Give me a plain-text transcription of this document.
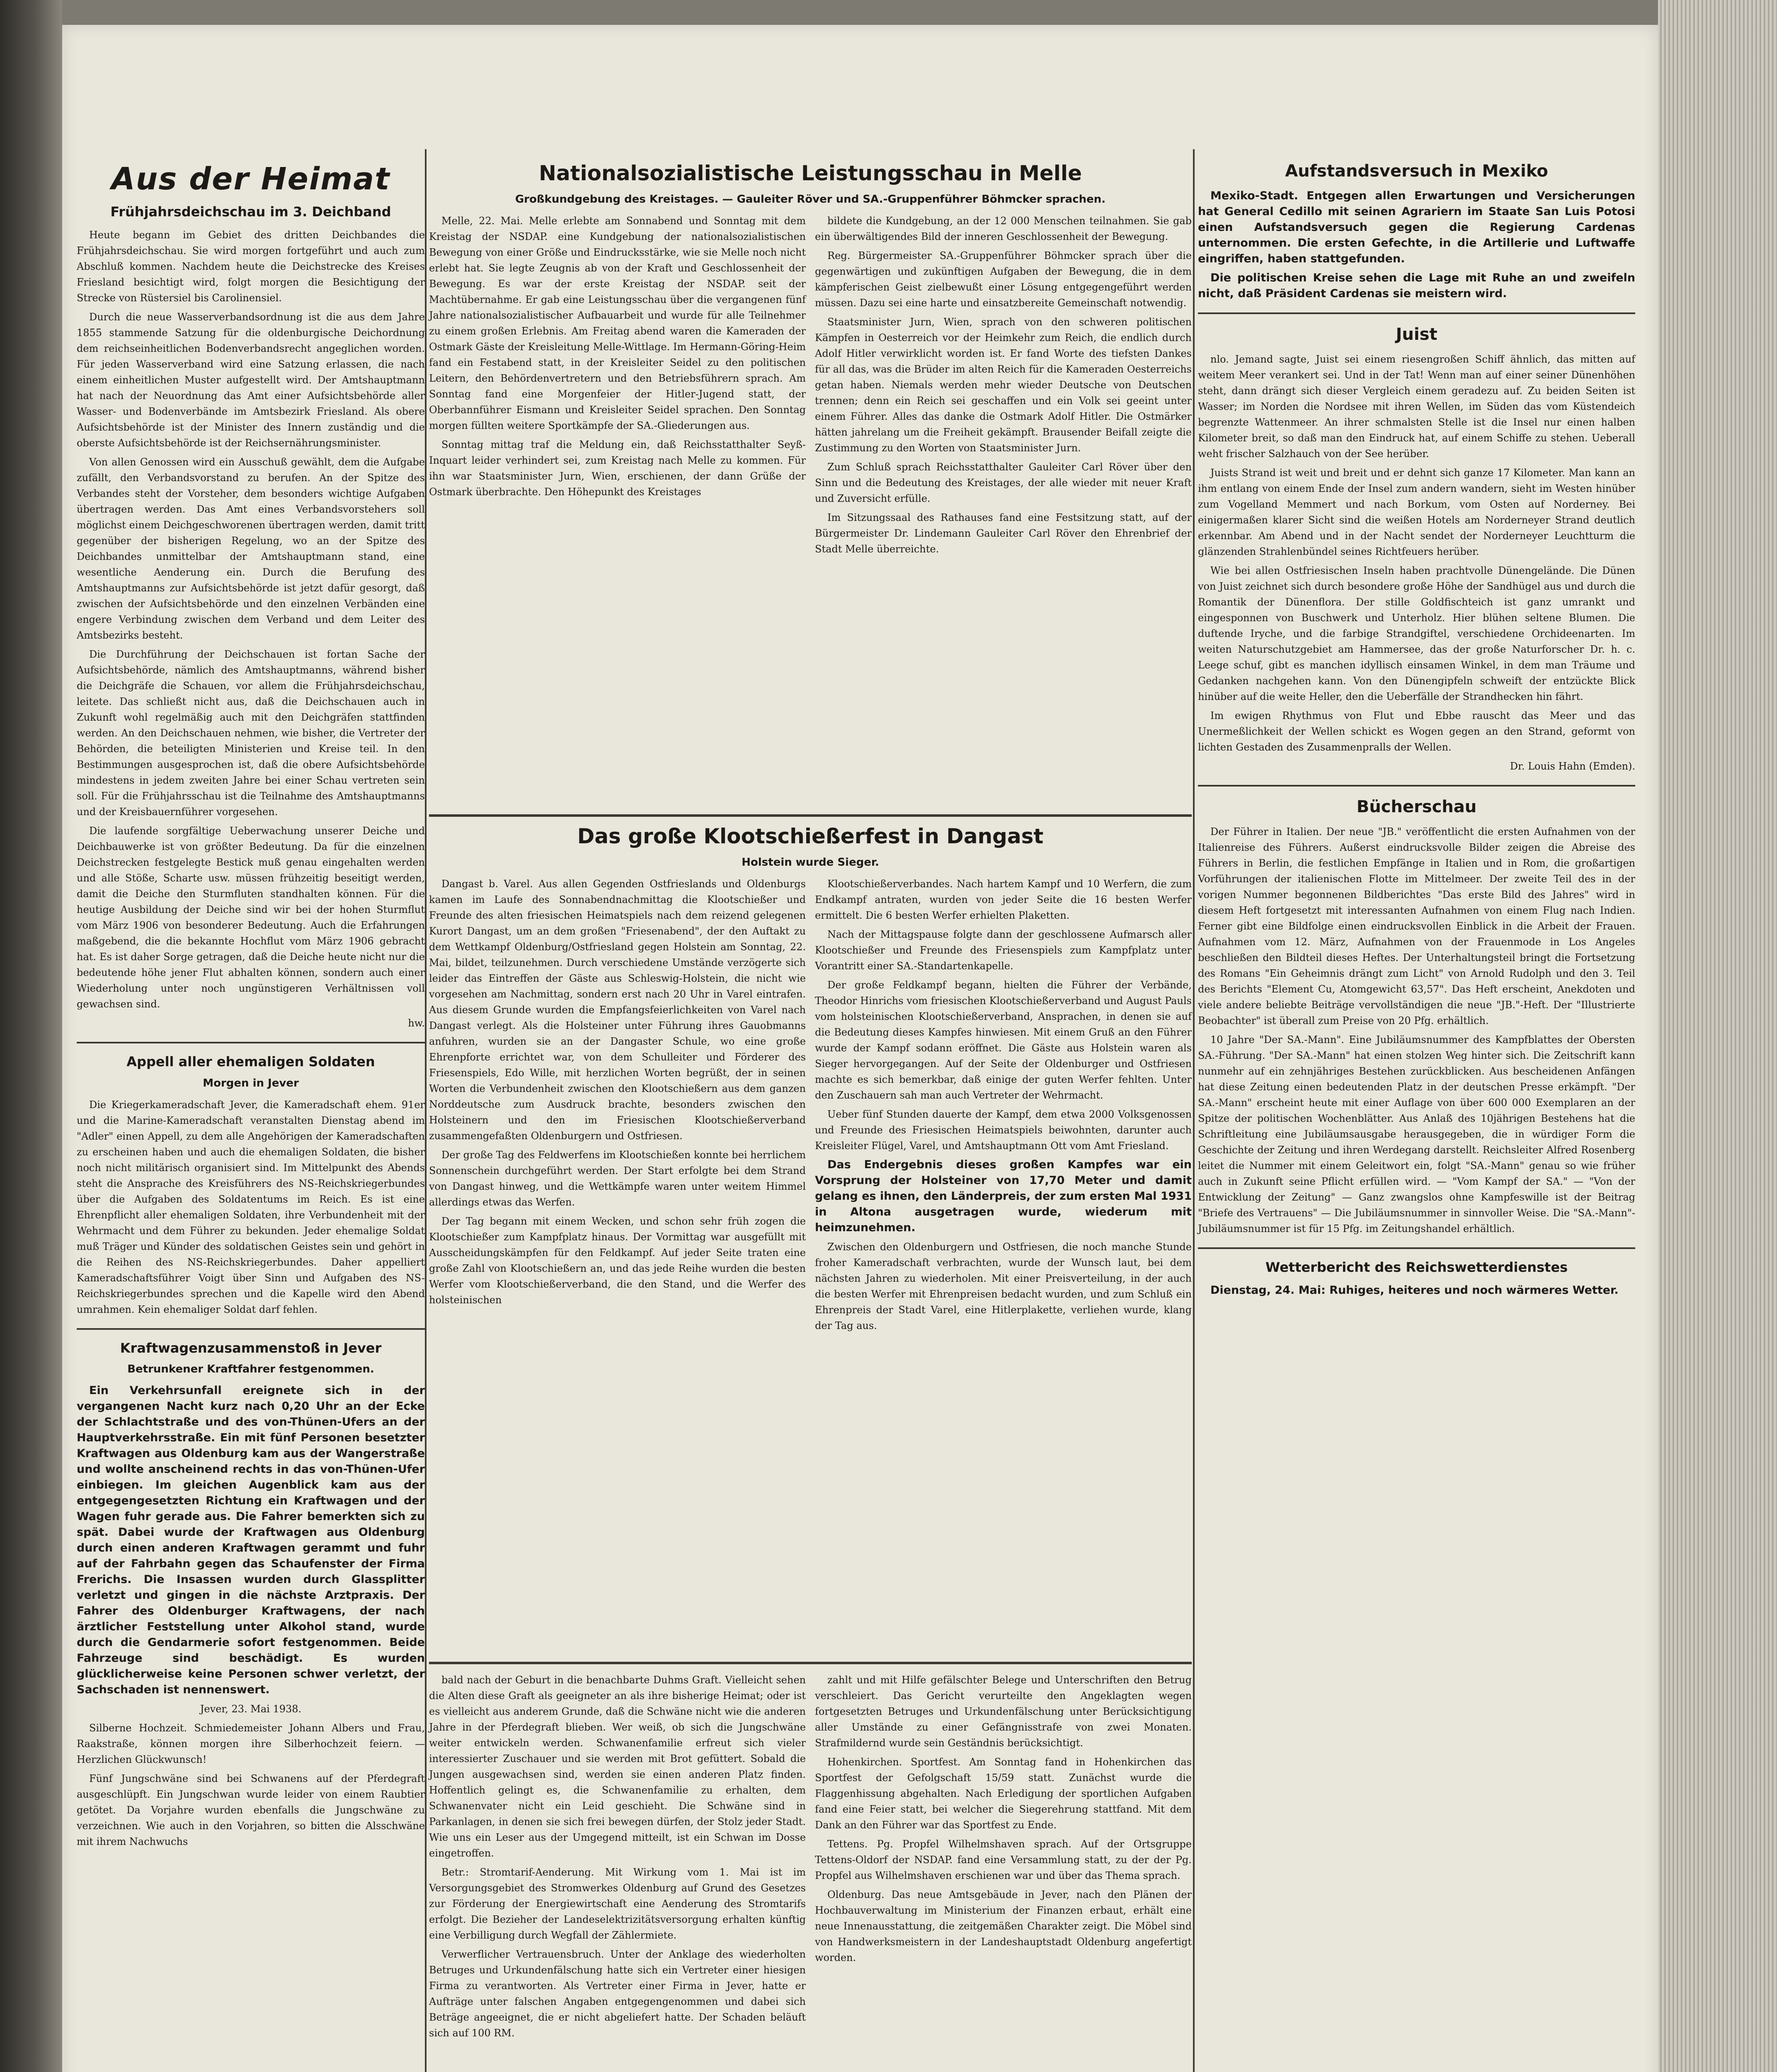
Aus der Heimat
Frühjahrsdeichschau im 3. Deichband

Heute begann im Gebiet des dritten Deichbandes die Frühjahrsdeichschau. Sie wird morgen fortgeführt und auch zum Abschluß kommen. Nachdem heute die Deichstrecke des Kreises Friesland besichtigt wird, folgt morgen die Besichtigung der Strecke von Rüstersiel bis Carolinensiel.

Durch die neue Wasserverbandsordnung ist die aus dem Jahre 1855 stammende Satzung für die oldenburgische Deichordnung dem reichseinheitlichen Bodenverbandsrecht angeglichen worden. Für jeden Wasserverband wird eine Satzung erlassen, die nach einem einheitlichen Muster aufgestellt wird. Der Amtshauptmann hat nach der Neuordnung das Amt einer Aufsichtsbehörde aller Wasser- und Bodenverbände im Amtsbezirk Friesland. Als obere Aufsichtsbehörde ist der Minister des Innern zuständig und die oberste Aufsichtsbehörde ist der Reichsernährungsminister.

Von allen Genossen wird ein Ausschuß gewählt, dem die Aufgabe zufällt, den Verbandsvorstand zu berufen. An der Spitze des Verbandes steht der Vorsteher, dem besonders wichtige Aufgaben übertragen werden. Das Amt eines Verbandsvorstehers soll möglichst einem Deichgeschworenen übertragen werden, damit tritt gegenüber der bisherigen Regelung, wo an der Spitze des Deichbandes unmittelbar der Amtshauptmann stand, eine wesentliche Aenderung ein. Durch die Berufung des Amtshauptmanns zur Aufsichtsbehörde ist jetzt dafür gesorgt, daß zwischen der Aufsichtsbehörde und den einzelnen Verbänden eine engere Verbindung zwischen dem Verband und dem Leiter des Amtsbezirks besteht.

Die Durchführung der Deichschauen ist fortan Sache der Aufsichtsbehörde, nämlich des Amtshauptmanns, während bisher die Deichgräfe die Schauen, vor allem die Frühjahrsdeichschau, leitete. Das schließt nicht aus, daß die Deichschauen auch in Zukunft wohl regelmäßig auch mit den Deichgräfen stattfinden werden. An den Deichschauen nehmen, wie bisher, die Vertreter der Behörden, die beteiligten Ministerien und Kreise teil. In den Bestimmungen ausgesprochen ist, daß die obere Aufsichtsbehörde mindestens in jedem zweiten Jahre bei einer Schau vertreten sein soll. Für die Frühjahrsschau ist die Teilnahme des Amtshauptmanns und der Kreisbauernführer vorgesehen.

Die laufende sorgfältige Ueberwachung unserer Deiche und Deichbauwerke ist von größter Bedeutung. Da für die einzelnen Deichstrecken festgelegte Bestick muß genau eingehalten werden und alle Stöße, Scharte usw. müssen frühzeitig beseitigt werden, damit die Deiche den Sturmfluten standhalten können. Für die heutige Ausbildung der Deiche sind wir bei der hohen Sturmflut vom März 1906 von besonderer Bedeutung. Auch die Erfahrungen maßgebend, die die bekannte Hochflut vom März 1906 gebracht hat. Es ist daher Sorge getragen, daß die Deiche heute nicht nur die bedeutende höhe jener Flut abhalten können, sondern auch einer Wiederholung unter noch ungünstigeren Verhältnissen voll gewachsen sind.

hw.

Appell aller ehemaligen Soldaten
Morgen in Jever

Die Kriegerkameradschaft Jever, die Kameradschaft ehem. 91er und die Marine-Kameradschaft veranstalten Dienstag abend im "Adler" einen Appell, zu dem alle Angehörigen der Kameradschaften zu erscheinen haben und auch die ehemaligen Soldaten, die bisher noch nicht militärisch organisiert sind. Im Mittelpunkt des Abends steht die Ansprache des Kreisführers des NS-Reichskriegerbundes über die Aufgaben des Soldatentums im Reich. Es ist eine Ehrenpflicht aller ehemaligen Soldaten, ihre Verbundenheit mit der Wehrmacht und dem Führer zu bekunden. Jeder ehemalige Soldat muß Träger und Künder des soldatischen Geistes sein und gehört in die Reihen des NS-Reichskriegerbundes. Daher appelliert Kameradschaftsführer Voigt über Sinn und Aufgaben des NS-Reichskriegerbundes sprechen und die Kapelle wird den Abend umrahmen. Kein ehemaliger Soldat darf fehlen.

Kraftwagenzusammenstoß in Jever
Betrunkener Kraftfahrer festgenommen.

Ein Verkehrsunfall ereignete sich in der vergangenen Nacht kurz nach 0,20 Uhr an der Ecke der Schlachtstraße und des von-Thünen-Ufers an der Hauptverkehrsstraße. Ein mit fünf Personen besetzter Kraftwagen aus Oldenburg kam aus der Wangerstraße und wollte anscheinend rechts in das von-Thünen-Ufer einbiegen. Im gleichen Augenblick kam aus der entgegengesetzten Richtung ein Kraftwagen und der Wagen fuhr gerade aus. Die Fahrer bemerkten sich zu spät. Dabei wurde der Kraftwagen aus Oldenburg durch einen anderen Kraftwagen gerammt und fuhr auf der Fahrbahn gegen das Schaufenster der Firma Frerichs. Die Insassen wurden durch Glassplitter verletzt und gingen in die nächste Arztpraxis. Der Fahrer des Oldenburger Kraftwagens, der nach ärztlicher Feststellung unter Alkohol stand, wurde durch die Gendarmerie sofort festgenommen. Beide Fahrzeuge sind beschädigt. Es wurden glücklicherweise keine Personen schwer verletzt, der Sachschaden ist nennenswert.

Jever, 23. Mai 1938.

Silberne Hochzeit. Schmiedemeister Johann Albers und Frau, Raakstraße, können morgen ihre Silberhochzeit feiern. — Herzlichen Glückwunsch!

Fünf Jungschwäne sind bei Schwanens auf der Pferdegraft ausgeschlüpft. Ein Jungschwan wurde leider von einem Raubtier getötet. Da Vorjahre wurden ebenfalls die Jungschwäne zu verzeichnen. Wie auch in den Vorjahren, so bitten die Alsschwäne mit ihrem Nachwuchs

Nationalsozialistische Leistungsschau in Melle
Großkundgebung des Kreistages. — Gauleiter Röver und SA.-Gruppenführer Böhmcker sprachen.

Melle, 22. Mai. Melle erlebte am Sonnabend und Sonntag mit dem Kreistag der NSDAP. eine Kundgebung der nationalsozialistischen Bewegung von einer Größe und Eindrucksstärke, wie sie Melle noch nicht erlebt hat. Sie legte Zeugnis ab von der Kraft und Geschlossenheit der Bewegung. Es war der erste Kreistag der NSDAP. seit der Machtübernahme. Er gab eine Leistungsschau über die vergangenen fünf Jahre nationalsozialistischer Aufbauarbeit und wurde für alle Teilnehmer zu einem großen Erlebnis. Am Freitag abend waren die Kameraden der Ostmark Gäste der Kreisleitung Melle-Wittlage. Im Hermann-Göring-Heim fand ein Festabend statt, in der Kreisleiter Seidel zu den politischen Leitern, den Behördenvertretern und den Betriebsführern sprach. Am Sonntag fand eine Morgenfeier der Hitler-Jugend statt, der Oberbannführer Eismann und Kreisleiter Seidel sprachen. Den Sonntag morgen füllten weitere Sportkämpfe der SA.-Gliederungen aus.

Sonntag mittag traf die Meldung ein, daß Reichsstatthalter Seyß-Inquart leider verhindert sei, zum Kreistag nach Melle zu kommen. Für ihn war Staatsminister Jurn, Wien, erschienen, der dann Grüße der Ostmark überbrachte. Den Höhepunkt des Kreistages

bildete die Kundgebung, an der 12 000 Menschen teilnahmen. Sie gab ein überwältigendes Bild der inneren Geschlossenheit der Bewegung.

Reg. Bürgermeister SA.-Gruppenführer Böhmcker sprach über die gegenwärtigen und zukünftigen Aufgaben der Bewegung, die in dem kämpferischen Geist zielbewußt einer Lösung entgegengeführt werden müssen. Dazu sei eine harte und einsatzbereite Gemeinschaft notwendig.

Staatsminister Jurn, Wien, sprach von den schweren politischen Kämpfen in Oesterreich vor der Heimkehr zum Reich, die endlich durch Adolf Hitler verwirklicht worden ist. Er fand Worte des tiefsten Dankes für all das, was die Brüder im alten Reich für die Kameraden Oesterreichs getan haben. Niemals werden mehr wieder Deutsche von Deutschen trennen; denn ein Reich sei geschaffen und ein Volk sei geeint unter einem Führer. Alles das danke die Ostmark Adolf Hitler. Die Ostmärker hätten jahrelang um die Freiheit gekämpft. Brausender Beifall zeigte die Zustimmung zu den Worten von Staatsminister Jurn.

Zum Schluß sprach Reichsstatthalter Gauleiter Carl Röver über den Sinn und die Bedeutung des Kreistages, der alle wieder mit neuer Kraft und Zuversicht erfülle.

Im Sitzungssaal des Rathauses fand eine Festsitzung statt, auf der Bürgermeister Dr. Lindemann Gauleiter Carl Röver den Ehrenbrief der Stadt Melle überreichte.

Das große Klootschießerfest in Dangast
Holstein wurde Sieger.

Dangast b. Varel. Aus allen Gegenden Ostfrieslands und Oldenburgs kamen im Laufe des Sonnabendnachmittag die Klootschießer und Freunde des alten friesischen Heimatspiels nach dem reizend gelegenen Kurort Dangast, um an dem großen "Friesenabend", der den Auftakt zu dem Wettkampf Oldenburg/Ostfriesland gegen Holstein am Sonntag, 22. Mai, bildet, teilzunehmen. Durch verschiedene Umstände verzögerte sich leider das Eintreffen der Gäste aus Schleswig-Holstein, die nicht wie vorgesehen am Nachmittag, sondern erst nach 20 Uhr in Varel eintrafen. Aus diesem Grunde wurden die Empfangsfeierlichkeiten von Varel nach Dangast verlegt. Als die Holsteiner unter Führung ihres Gauobmanns anfuhren, wurden sie an der Dangaster Schule, wo eine große Ehrenpforte errichtet war, von dem Schulleiter und Förderer des Friesenspiels, Edo Wille, mit herzlichen Worten begrüßt, der in seinen Worten die Verbundenheit zwischen den Klootschießern aus dem ganzen Norddeutsche zum Ausdruck brachte, besonders zwischen den Holsteinern und den im Friesischen Klootschießerverband zusammengefaßten Oldenburgern und Ostfriesen.

Der große Tag des Feldwerfens im Klootschießen konnte bei herrlichem Sonnenschein durchgeführt werden. Der Start erfolgte bei dem Strand von Dangast hinweg, und die Wettkämpfe waren unter weitem Himmel allerdings etwas das Werfen.

Der Tag begann mit einem Wecken, und schon sehr früh zogen die Klootschießer zum Kampfplatz hinaus. Der Vormittag war ausgefüllt mit Ausscheidungskämpfen für den Feldkampf. Auf jeder Seite traten eine große Zahl von Klootschießern an, und das jede Reihe wurden die besten Werfer vom Klootschießerverband, die den Stand, und die Werfer des holsteinischen

Klootschießerverbandes. Nach hartem Kampf und 10 Werfern, die zum Endkampf antraten, wurden von jeder Seite die 16 besten Werfer ermittelt. Die 6 besten Werfer erhielten Plaketten.

Nach der Mittagspause folgte dann der geschlossene Aufmarsch aller Klootschießer und Freunde des Friesenspiels zum Kampfplatz unter Vorantritt einer SA.-Standartenkapelle.

Der große Feldkampf begann, hielten die Führer der Verbände, Theodor Hinrichs vom friesischen Klootschießerverband und August Pauls vom holsteinischen Klootschießerverband, Ansprachen, in denen sie auf die Bedeutung dieses Kampfes hinwiesen. Mit einem Gruß an den Führer wurde der Kampf sodann eröffnet. Die Gäste aus Holstein waren als Sieger hervorgegangen. Auf der Seite der Oldenburger und Ostfriesen machte es sich bemerkbar, daß einige der guten Werfer fehlten. Unter den Zuschauern sah man auch Vertreter der Wehrmacht.

Ueber fünf Stunden dauerte der Kampf, dem etwa 2000 Volksgenossen und Freunde des Friesischen Heimatspiels beiwohnten, darunter auch Kreisleiter Flügel, Varel, und Amtshauptmann Ott vom Amt Friesland.

Das Endergebnis dieses großen Kampfes war ein Vorsprung der Holsteiner von 17,70 Meter und damit gelang es ihnen, den Länderpreis, der zum ersten Mal 1931 in Altona ausgetragen wurde, wiederum mit heimzunehmen.

Zwischen den Oldenburgern und Ostfriesen, die noch manche Stunde froher Kameradschaft verbrachten, wurde der Wunsch laut, bei dem nächsten Jahren zu wiederholen. Mit einer Preisverteilung, in der auch die besten Werfer mit Ehrenpreisen bedacht wurden, und zum Schluß ein Ehrenpreis der Stadt Varel, eine Hitlerplakette, verliehen wurde, klang der Tag aus.

bald nach der Geburt in die benachbarte Duhms Graft. Vielleicht sehen die Alten diese Graft als geeigneter an als ihre bisherige Heimat; oder ist es vielleicht aus anderem Grunde, daß die Schwäne nicht wie die anderen Jahre in der Pferdegraft blieben. Wer weiß, ob sich die Jungschwäne weiter entwickeln werden. Schwanenfamilie erfreut sich vieler interessierter Zuschauer und sie werden mit Brot gefüttert. Sobald die Jungen ausgewachsen sind, werden sie einen anderen Platz finden. Hoffentlich gelingt es, die Schwanenfamilie zu erhalten, dem Schwanenvater nicht ein Leid geschieht. Die Schwäne sind in Parkanlagen, in denen sie sich frei bewegen dürfen, der Stolz jeder Stadt. Wie uns ein Leser aus der Umgegend mitteilt, ist ein Schwan im Dosse eingetroffen.

Betr.: Stromtarif-Aenderung. Mit Wirkung vom 1. Mai ist im Versorgungsgebiet des Stromwerkes Oldenburg auf Grund des Gesetzes zur Förderung der Energiewirtschaft eine Aenderung des Stromtarifs erfolgt. Die Bezieher der Landeselektrizitätsversorgung erhalten künftig eine Verbilligung durch Wegfall der Zählermiete.

Verwerflicher Vertrauensbruch. Unter der Anklage des wiederholten Betruges und Urkundenfälschung hatte sich ein Vertreter einer hiesigen Firma zu verantworten. Als Vertreter einer Firma in Jever, hatte er Aufträge unter falschen Angaben entgegengenommen und dabei sich Beträge angeeignet, die er nicht abgeliefert hatte. Der Schaden beläuft sich auf 100 RM.

zahlt und mit Hilfe gefälschter Belege und Unterschriften den Betrug verschleiert. Das Gericht verurteilte den Angeklagten wegen fortgesetzten Betruges und Urkundenfälschung unter Berücksichtigung aller Umstände zu einer Gefängnisstrafe von zwei Monaten. Strafmildernd wurde sein Geständnis berücksichtigt.

Hohenkirchen. Sportfest. Am Sonntag fand in Hohenkirchen das Sportfest der Gefolgschaft 15/59 statt. Zunächst wurde die Flaggenhissung abgehalten. Nach Erledigung der sportlichen Aufgaben fand eine Feier statt, bei welcher die Siegerehrung stattfand. Mit dem Dank an den Führer war das Sportfest zu Ende.

Tettens. Pg. Propfel Wilhelmshaven sprach. Auf der Ortsgruppe Tettens-Oldorf der NSDAP. fand eine Versammlung statt, zu der der Pg. Propfel aus Wilhelmshaven erschienen war und über das Thema sprach.

Oldenburg. Das neue Amtsgebäude in Jever, nach den Plänen der Hochbauverwaltung im Ministerium der Finanzen erbaut, erhält eine neue Innenausstattung, die zeitgemäßen Charakter zeigt. Die Möbel sind von Handwerksmeistern in der Landeshauptstadt Oldenburg angefertigt worden.

Aufstandsversuch in Mexiko

Mexiko-Stadt. Entgegen allen Erwartungen und Versicherungen hat General Cedillo mit seinen Agrariern im Staate San Luis Potosi einen Aufstandsversuch gegen die Regierung Cardenas unternommen. Die ersten Gefechte, in die Artillerie und Luftwaffe eingriffen, haben stattgefunden.

Die politischen Kreise sehen die Lage mit Ruhe an und zweifeln nicht, daß Präsident Cardenas sie meistern wird.

Juist

nlo. Jemand sagte, Juist sei einem riesengroßen Schiff ähnlich, das mitten auf weitem Meer verankert sei. Und in der Tat! Wenn man auf einer seiner Dünenhöhen steht, dann drängt sich dieser Vergleich einem geradezu auf. Zu beiden Seiten ist Wasser; im Norden die Nordsee mit ihren Wellen, im Süden das vom Küstendeich begrenzte Wattenmeer. An ihrer schmalsten Stelle ist die Insel nur einen halben Kilometer breit, so daß man den Eindruck hat, auf einem Schiffe zu stehen. Ueberall weht frischer Salzhauch von der See herüber.

Juists Strand ist weit und breit und er dehnt sich ganze 17 Kilometer. Man kann an ihm entlang von einem Ende der Insel zum andern wandern, sieht im Westen hinüber zum Vogelland Memmert und nach Borkum, vom Osten auf Norderney. Bei einigermaßen klarer Sicht sind die weißen Hotels am Norderneyer Strand deutlich erkennbar. Am Abend und in der Nacht sendet der Norderneyer Leuchtturm die glänzenden Strahlenbündel seines Richtfeuers herüber.

Wie bei allen Ostfriesischen Inseln haben prachtvolle Dünengelände. Die Dünen von Juist zeichnet sich durch besondere große Höhe der Sandhügel aus und durch die Romantik der Dünenflora. Der stille Goldfischteich ist ganz umrankt und eingesponnen von Buschwerk und Unterholz. Hier blühen seltene Blumen. Die duftende Iryche, und die farbige Strandgiftel, verschiedene Orchideenarten. Im weiten Naturschutzgebiet am Hammersee, das der große Naturforscher Dr. h. c. Leege schuf, gibt es manchen idyllisch einsamen Winkel, in dem man Träume und Gedanken nachgehen kann. Von den Dünengipfeln schweift der entzückte Blick hinüber auf die weite Heller, den die Ueberfälle der Strandhecken hin fährt.

Im ewigen Rhythmus von Flut und Ebbe rauscht das Meer und das Unermeßlichkeit der Wellen schickt es Wogen gegen an den Strand, geformt von lichten Gestaden des Zusammenpralls der Wellen.

Dr. Louis Hahn (Emden).

Bücherschau

Der Führer in Italien. Der neue "JB." veröffentlicht die ersten Aufnahmen von der Italienreise des Führers. Außerst eindrucksvolle Bilder zeigen die Abreise des Führers in Berlin, die festlichen Empfänge in Italien und in Rom, die großartigen Vorführungen der italienischen Flotte im Mittelmeer. Der zweite Teil des in der vorigen Nummer begonnenen Bildberichtes "Das erste Bild des Jahres" wird in diesem Heft fortgesetzt mit interessanten Aufnahmen von einem Flug nach Indien. Ferner gibt eine Bildfolge einen eindrucksvollen Einblick in die Arbeit der Frauen. Aufnahmen vom 12. März, Aufnahmen von der Frauenmode in Los Angeles beschließen den Bildteil dieses Heftes. Der Unterhaltungsteil bringt die Fortsetzung des Romans "Ein Geheimnis drängt zum Licht" von Arnold Rudolph und den 3. Teil des Berichts "Element Cu, Atomgewicht 63,57". Das Heft erscheint, Anekdoten und viele andere beliebte Beiträge vervollständigen die neue "JB."-Heft. Der "Illustrierte Beobachter" ist überall zum Preise von 20 Pfg. erhältlich.

10 Jahre "Der SA.-Mann". Eine Jubiläumsnummer des Kampfblattes der Obersten SA.-Führung. "Der SA.-Mann" hat einen stolzen Weg hinter sich. Die Zeitschrift kann nunmehr auf ein zehnjähriges Bestehen zurückblicken. Aus bescheidenen Anfängen hat diese Zeitung einen bedeutenden Platz in der deutschen Presse erkämpft. "Der SA.-Mann" erscheint heute mit einer Auflage von über 600 000 Exemplaren an der Spitze der politischen Wochenblätter. Aus Anlaß des 10jährigen Bestehens hat die Schriftleitung eine Jubiläumsausgabe herausgegeben, die in würdiger Form die Geschichte der Zeitung und ihren Werdegang darstellt. Reichsleiter Alfred Rosenberg leitet die Nummer mit einem Geleitwort ein, folgt "SA.-Mann" genau so wie früher auch in Zukunft seine Pflicht erfüllen wird. — "Vom Kampf der SA." — "Von der Entwicklung der Zeitung" — Ganz zwangslos ohne Kampfeswille ist der Beitrag "Briefe des Vertrauens" — Die Jubiläumsnummer in sinnvoller Weise. Die "SA.-Mann"-Jubiläumsnummer ist für 15 Pfg. im Zeitungshandel erhältlich.

Wetterbericht des Reichswetterdienstes

Dienstag, 24. Mai: Ruhiges, heiteres und noch wärmeres Wetter.
